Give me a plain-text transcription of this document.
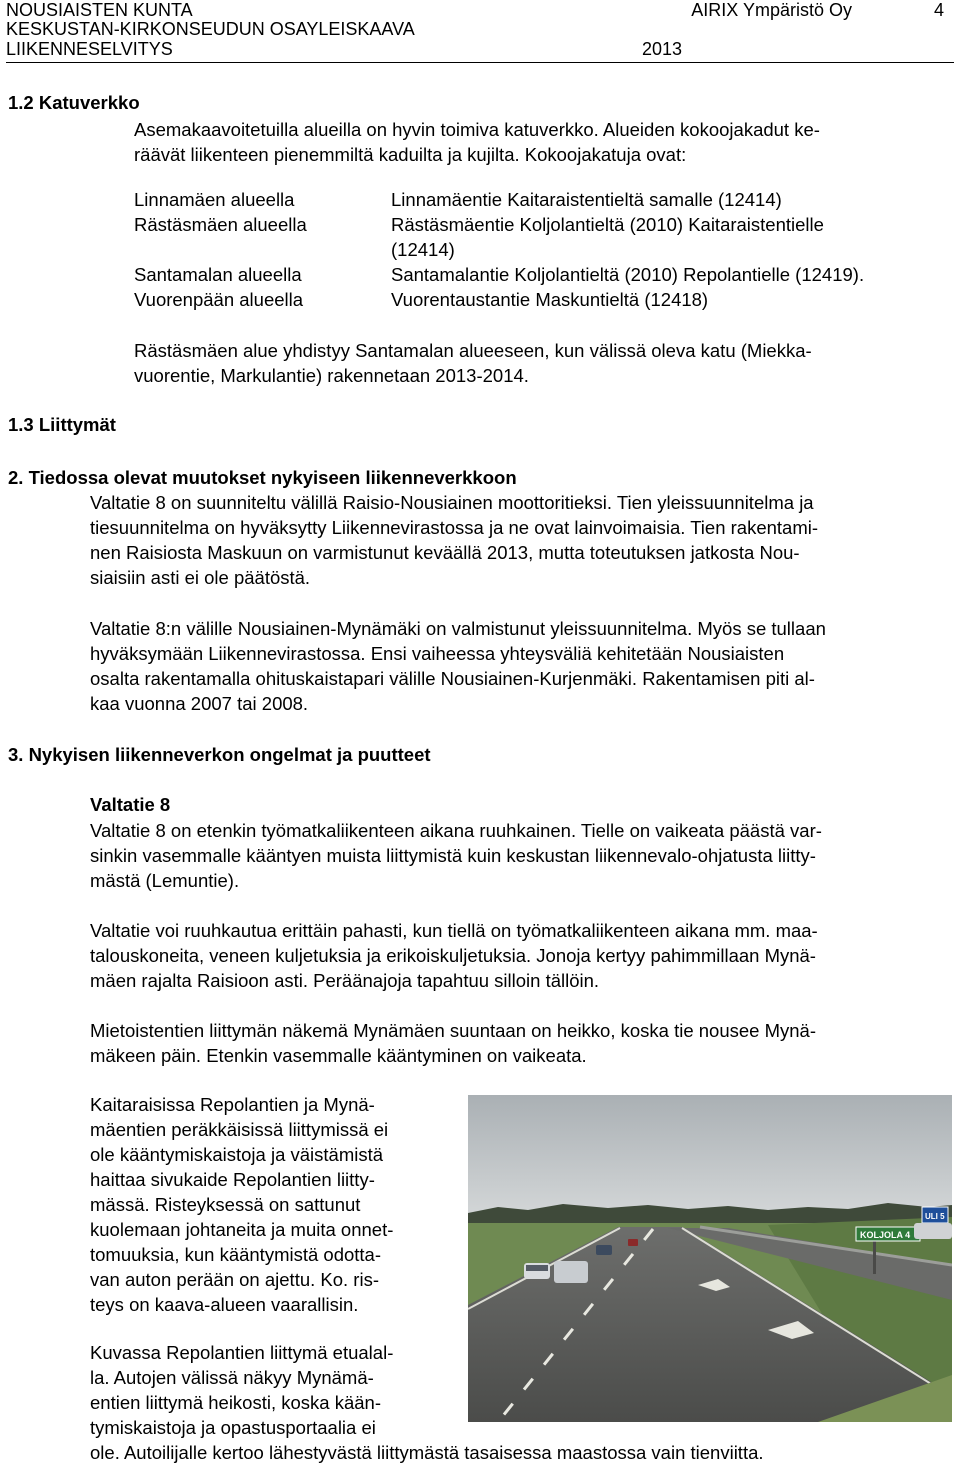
NOUSIAISTEN KUNTA	AIRIX Ympäristö Oy	4
KESKUSTAN-KIRKONSEUDUN OSAYLEISKAAVA
LIIKENNESELVITYS	2013
1.2 Katuverkko
Asemakaavoitetuilla alueilla on hyvin toimiva katuverkko. Alueiden kokoojakadut ke-
räävät liikenteen pienemmiltä kaduilta ja kujilta. Kokoojakatuja ovat:
Linnamäen alueella	Linnamäentie Kaitaraistentieltä samalle (12414)
Rästäsmäen alueella	Rästäsmäentie Koljolantieltä (2010) Kaitaraistentielle
(12414)
Santamalan alueella	Santamalantie Koljolantieltä (2010) Repolantielle (12419).
Vuorenpään alueella	Vuorentaustantie Maskuntieltä (12418)
Rästäsmäen alue yhdistyy Santamalan alueeseen, kun välissä oleva katu (Miekka-
vuorentie, Markulantie) rakennetaan 2013-2014.
1.3 Liittymät
2. Tiedossa olevat muutokset nykyiseen liikenneverkkoon
Valtatie 8 on suunniteltu välillä Raisio-Nousiainen moottoritieksi. Tien yleissuunnitelma ja
tiesuunnitelma on hyväksytty Liikennevirastossa ja ne ovat lainvoimaisia. Tien rakentami-
nen Raisiosta Maskuun on varmistunut keväällä 2013, mutta toteutuksen jatkosta Nou-
siaisiin asti ei ole päätöstä.
Valtatie 8:n välille Nousiainen-Mynämäki on valmistunut yleissuunnitelma. Myös se tullaan
hyväksymään Liikennevirastossa. Ensi vaiheessa yhteysväliä kehitetään Nousiaisten
osalta rakentamalla ohituskaistapari välille Nousiainen-Kurjenmäki. Rakentamisen piti al-
kaa vuonna 2007 tai 2008.
3. Nykyisen liikenneverkon ongelmat ja puutteet
Valtatie 8
Valtatie 8 on etenkin työmatkaliikenteen aikana ruuhkainen. Tielle on vaikeata päästä var-
sinkin vasemmalle kääntyen muista liittymistä kuin keskustan liikennevalo-ohjatusta liitty-
mästä (Lemuntie).
Valtatie voi ruuhkautua erittäin pahasti, kun tiellä on työmatkaliikenteen aikana mm. maa-
talouskoneita, veneen kuljetuksia ja erikoiskuljetuksia. Jonoja kertyy pahimmillaan Mynä-
mäen rajalta Raisioon asti. Peräänajoja tapahtuu silloin tällöin.
Mietoistentien liittymän näkemä Mynämäen suuntaan on heikko, koska tie nousee Mynä-
mäkeen päin. Etenkin vasemmalle kääntyminen on vaikeata.
Kaitaraisissa Repolantien ja Mynä-
mäentien peräkkäisissä liittymissä ei
ole kääntymiskaistoja ja väistämistä
haittaa sivukaide Repolantien liitty-
mässä. Risteyksessä on sattunut
kuolemaan johtaneita ja muita onnet-
tomuuksia, kun kääntymistä odotta-
van auton perään on ajettu. Ko. ris-
teys on kaava-alueen vaarallisin.
Kuvassa Repolantien liittymä etualal-
la. Autojen välissä näkyy Mynämä-
entien liittymä heikosti, koska kään-
tymiskaistoja ja opastusportaalia ei
ole. Autoilijalle kertoo lähestyvästä liittymästä tasaisessa maastossa vain tienviitta.
KOLJOLA 4
ULI 5
